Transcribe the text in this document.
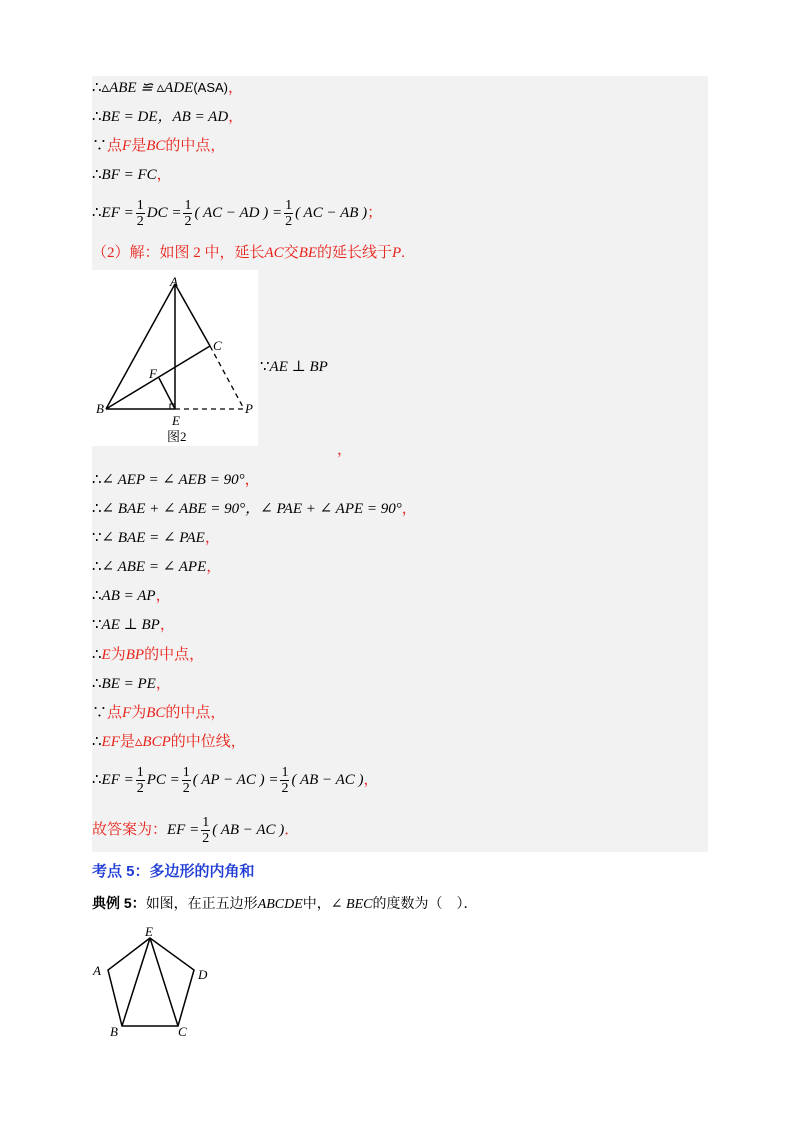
∴▵ABE ≌ ▵ADE(ASA)，
∴BE = DE，AB = AD，
∵点F是BC的中点，
∴BF = FC，
∴EF = $\frac{1}{2}$ DC = $\frac{1}{2}$ ( AC − AD ) = $\frac{1}{2}$ ( AC − AB )；
（2）解：如图 2 中，延长AC交BE的延长线于P.
A
B
C
F
E
P
图2
∵AE ⊥ BP
，
∴∠ AEP = ∠ AEB = 90°，
∴∠ BAE + ∠ ABE = 90°，∠ PAE + ∠ APE = 90°，
∵∠ BAE = ∠ PAE，
∴∠ ABE = ∠ APE，
∴AB = AP，
∵AE ⊥ BP，
∴E为BP的中点，
∴BE = PE，
∵点F为BC的中点，
∴EF是▵BCP的中位线，
∴EF = $\frac{1}{2}$ PC = $\frac{1}{2}$ ( AP − AC ) = $\frac{1}{2}$ ( AB − AC )，
故答案为：EF = $\frac{1}{2}$ ( AB − AC )．
考点 5：多边形的内角和
典例 5：如图，在正五边形ABCDE中，∠ BEC的度数为（　）．
E
A	D
B	C
